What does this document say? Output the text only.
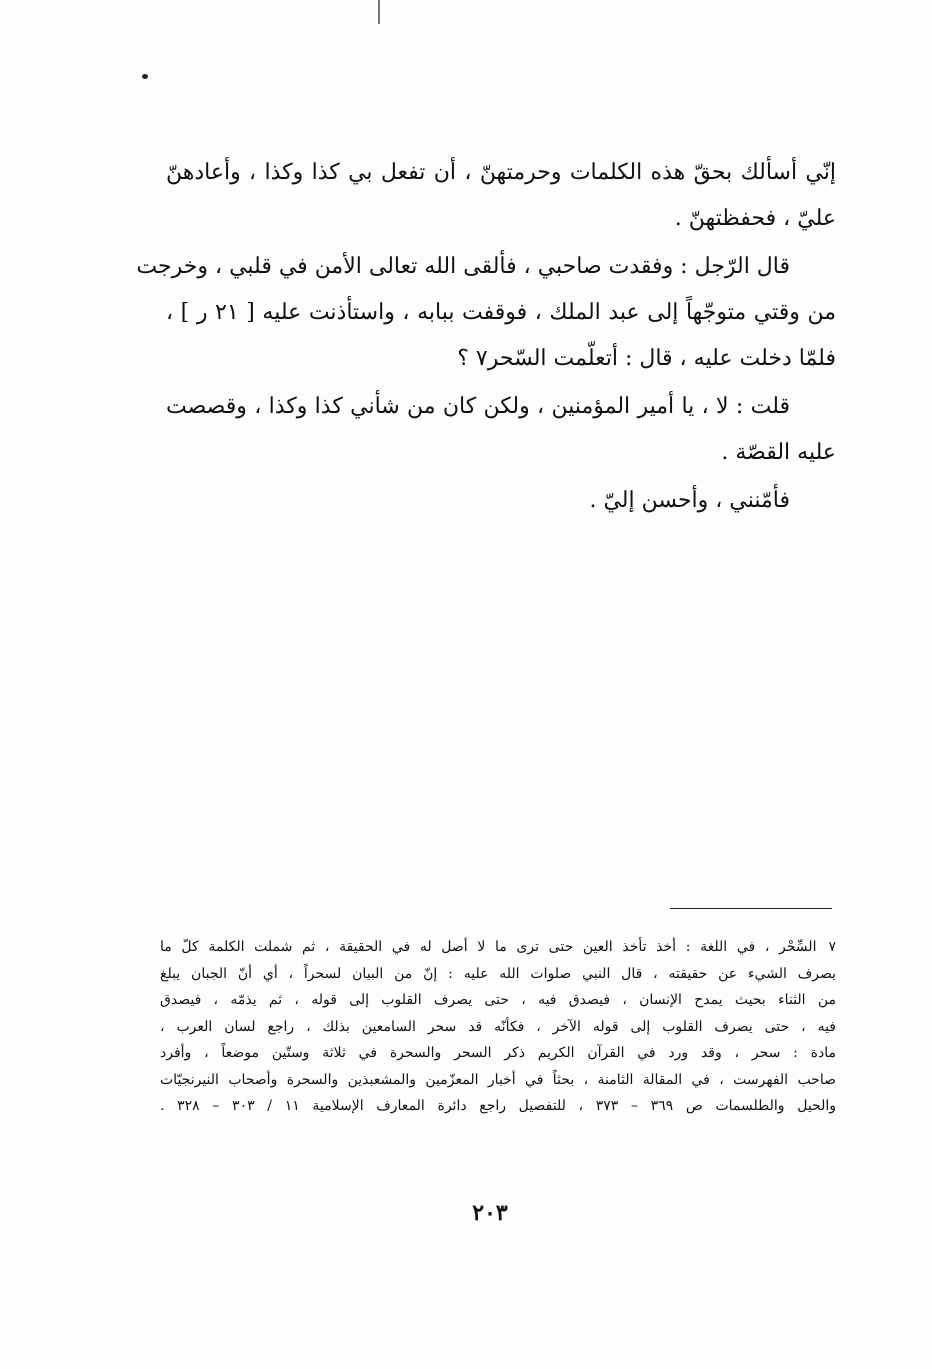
إنّي أسألك بحقّ هذه الكلمات وحرمتهنّ ، أن تفعل بي كذا وكذا ، وأعادهنّ
عليّ ، فحفظتهنّ .
قال الرّجل : وفقدت صاحبي ، فألقى الله تعالى الأمن في قلبي ، وخرجت
من وقتي متوجّهاً إلى عبد الملك ، فوقفت ببابه ، واستأذنت عليه [ ٢١ ر ] ،
فلمّا دخلت عليه ، قال : أتعلّمت السّحر٧ ؟
قلت : لا ، يا أمير المؤمنين ، ولكن كان من شأني كذا وكذا ، وقصصت
عليه القصّة .
فأمّنني ، وأحسن إليّ .
٧السِّحْر ، في اللغة : أخذ تأخذ العين حتى ترى ما لا أصل له في الحقيقة ، ثم شملت الكلمة كلّ ما
يصرف الشيء عن حقيقته ، قال النبي صلوات الله عليه : إنّ من البيان لسحراً ، أي أنّ الجبان يبلغ
من الثناء بحيث يمدح الإنسان ، فيصدق فيه ، حتى يصرف القلوب إلى قوله ، ثم يذمّه ، فيصدق
فيه ، حتى يصرف القلوب إلى قوله الآخر ، فكأنّه قد سحر السامعين بذلك ، راجع لسان العرب ،
مادة : سحر ، وقد ورد في القرآن الكريم ذكر السحر والسحرة في ثلاثة وستّين موضعاً ، وأفرد
صاحب الفهرست ، في المقالة الثامنة ، بحثاً في أخبار المعزّمين والمشعبذين والسحرة وأصحاب النيرنجيّات
والحيل والطلسمات ص ٣٦٩ – ٣٧٣ ، للتفصيل راجع دائرة المعارف الإسلامية ١١ / ٣٠٣ – ٣٢٨ .
٢٠٣
